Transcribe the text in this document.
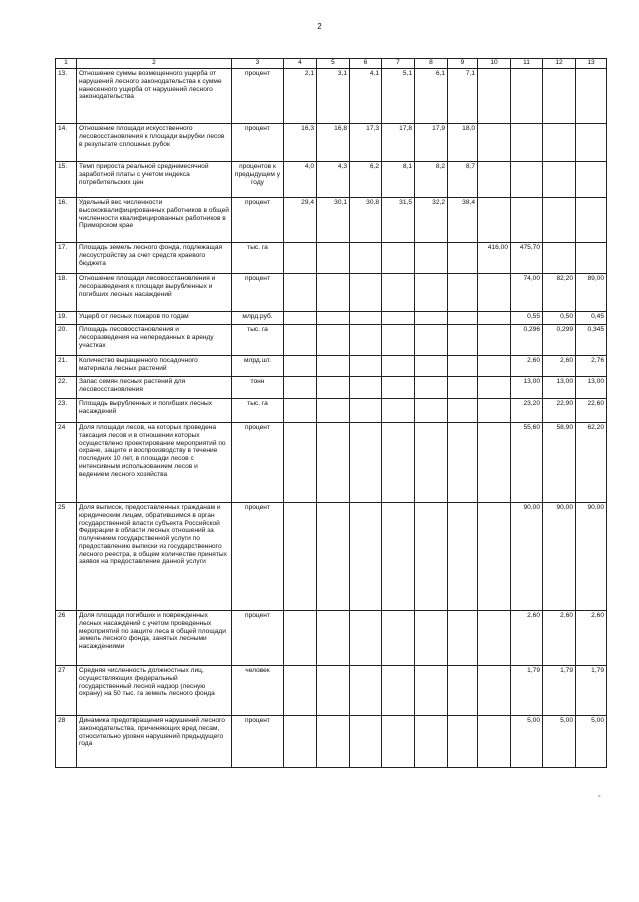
2
1	2	3	4	5	6	7	8	9	10	11	12	13	
13.	Отношение суммы возмещенного ущерба от нарушений лесного законодательства к сумме нанесенного ущерба от нарушений лесного законодательства	процент	2,1	3,1	4,1	5,1	6,1	7,1					
14.	Отношение площади искусственного лесовосстановления к площади вырубки лесов в результате сплошных рубок	процент	16,3	16,8	17,3	17,8	17,9	18,0					
15.	Темп прироста реальной среднемесячной заработной платы с учетом индекса потребительских цен	процентов к предыдущем у году	4,0	4,3	6,2	8,1	8,2	8,7					
16.	Удельный вес численности высококвалифицированных работников в общей численности квалифицированных работников в Приморском крае	процент	29,4	30,1	30,8	31,5	32,2	38,4					
17.	Площадь земель лесного фонда, подлежащая лесоустройству за счет средств краевого бюджета	тыс. га							416,00	475,70			
18.	Отношение площади лесовосстановления и лесоразведения к площади вырубленных и погибших лесных насаждений	процент								74,00	82,20	89,00	
19.	Ущерб от лесных пожаров по годам	млрд.руб.								0,55	0,50	0,45	
20.	Площадь лесовосстановления и лесоразведения на непереданных в аренду участках	тыс. га								0,296	0,299	0,345	
21.	Количество выращенного посадочного материала лесных растений	млрд.шт.								2,60	2,60	2,76	
22.	Запас семян лесных растений для лесовосстановления	тонн								13,00	13,00	13,00	
23.	Площадь вырубленных и погибших лесных насаждений	тыс. га								23,20	22,90	22,60	
24	Доля площади лесов, на которых проведена таксация лесов и в отношении которых осуществлено проектирование мероприятий по охране, защите и воспроизводству в течение последних 10 лет, в площади лесов с интенсивным использованием лесов и ведением лесного хозяйства	процент								55,60	58,90	62,20	
25	Доля выписок, предоставленных гражданам и юридическим лицам, обратившимся в орган государственной власти субъекта Российской Федерации в области лесных отношений за получением государственной услуги по предоставлению выписки из государственного лесного реестра, в общем количестве принятых заявок на предоставление данной услуги	процент								90,00	90,00	90,00	
26	Доля площади погибших и поврежденных лесных насаждений с учетом проведенных мероприятий по защите леса в общей площади земель лесного фонда, занятых лесными насаждениями	процент								2,60	2,60	2,60	
27	Средняя численность должностных лиц, осуществляющих федеральный государственный лесной надзор (лесную охрану) на 50 тыс. га земель лесного фонда	человек								1,79	1,79	1,79	
28	Динамика предотвращения нарушений лесного законодательства, причиняющих вред лесам, относительно уровня нарушений предыдущего года	процент								5,00	5,00	5,00	
ъ
